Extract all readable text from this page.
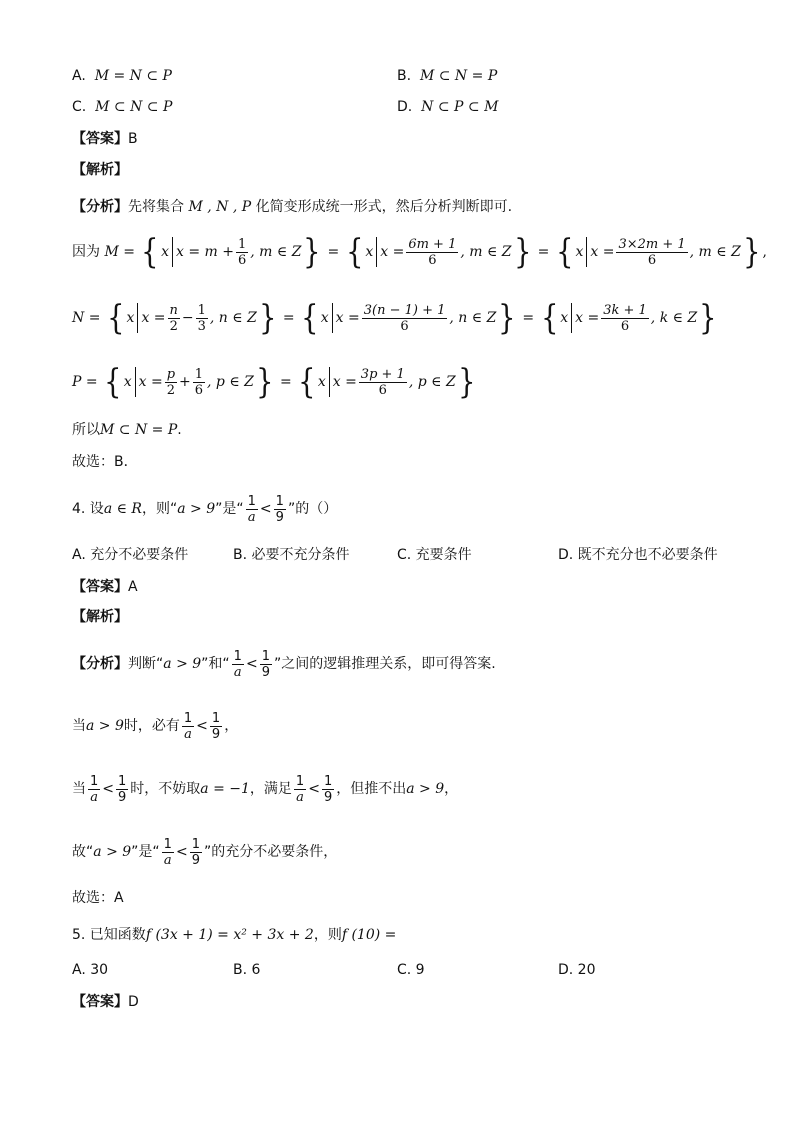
A. M = N ⊂ P	B. M ⊂ N = P
C. M ⊂ N ⊂ P	D. N ⊂ P ⊂ M
【答案】B
【解析】
【分析】先将集合 M , N , P 化简变形成统一形式，然后分析判断即可.
因为 M = { x $x = m + \frac{1}{6}$ , m ∈ Z} = { x $x = \frac{6m + 1}{6}$ , m ∈ Z} = { x $x = \frac{3\times 2m + 1}{6}$ , m ∈ Z} ,
N = { x $x = \frac{n}{2} - \frac{1}{3}$ , n ∈ Z} = { x $x = \frac{3(n - 1) + 1}{6}$ , n ∈ Z} = { x $x = \frac{3k + 1}{6}$ , k ∈ Z}
P = { x $x = \frac{p}{2} + \frac{1}{6}$ , p ∈ Z} = { x $x = \frac{3p + 1}{6}$ , p ∈ Z}
所以M ⊂ N = P.
故选：B．
4. 设a ∈ R，则“a > 9”是“ $\frac{1}{a} < \frac{1}{9}$ ”的（）
A. 充分不必要条件	B. 必要不充分条件	C. 充要条件	D. 既不充分也不必要条件
【答案】A
【解析】
【分析】判断“a > 9”和“ $\frac{1}{a} < \frac{1}{9}$ ”之间的逻辑推理关系，即可得答案.
当a > 9时，必有 $\frac{1}{a} < \frac{1}{9}$ ，
当 $\frac{1}{a} < \frac{1}{9}$ 时，不妨取a = −1，满足 $\frac{1}{a} < \frac{1}{9}$ ，但推不出a > 9，
故“a > 9”是“ $\frac{1}{a} < \frac{1}{9}$ ”的充分不必要条件，
故选：A
5. 已知函数f (3x + 1) = x² + 3x + 2，则f (10) =
A. 30	B. 6	C. 9	D. 20
【答案】D
